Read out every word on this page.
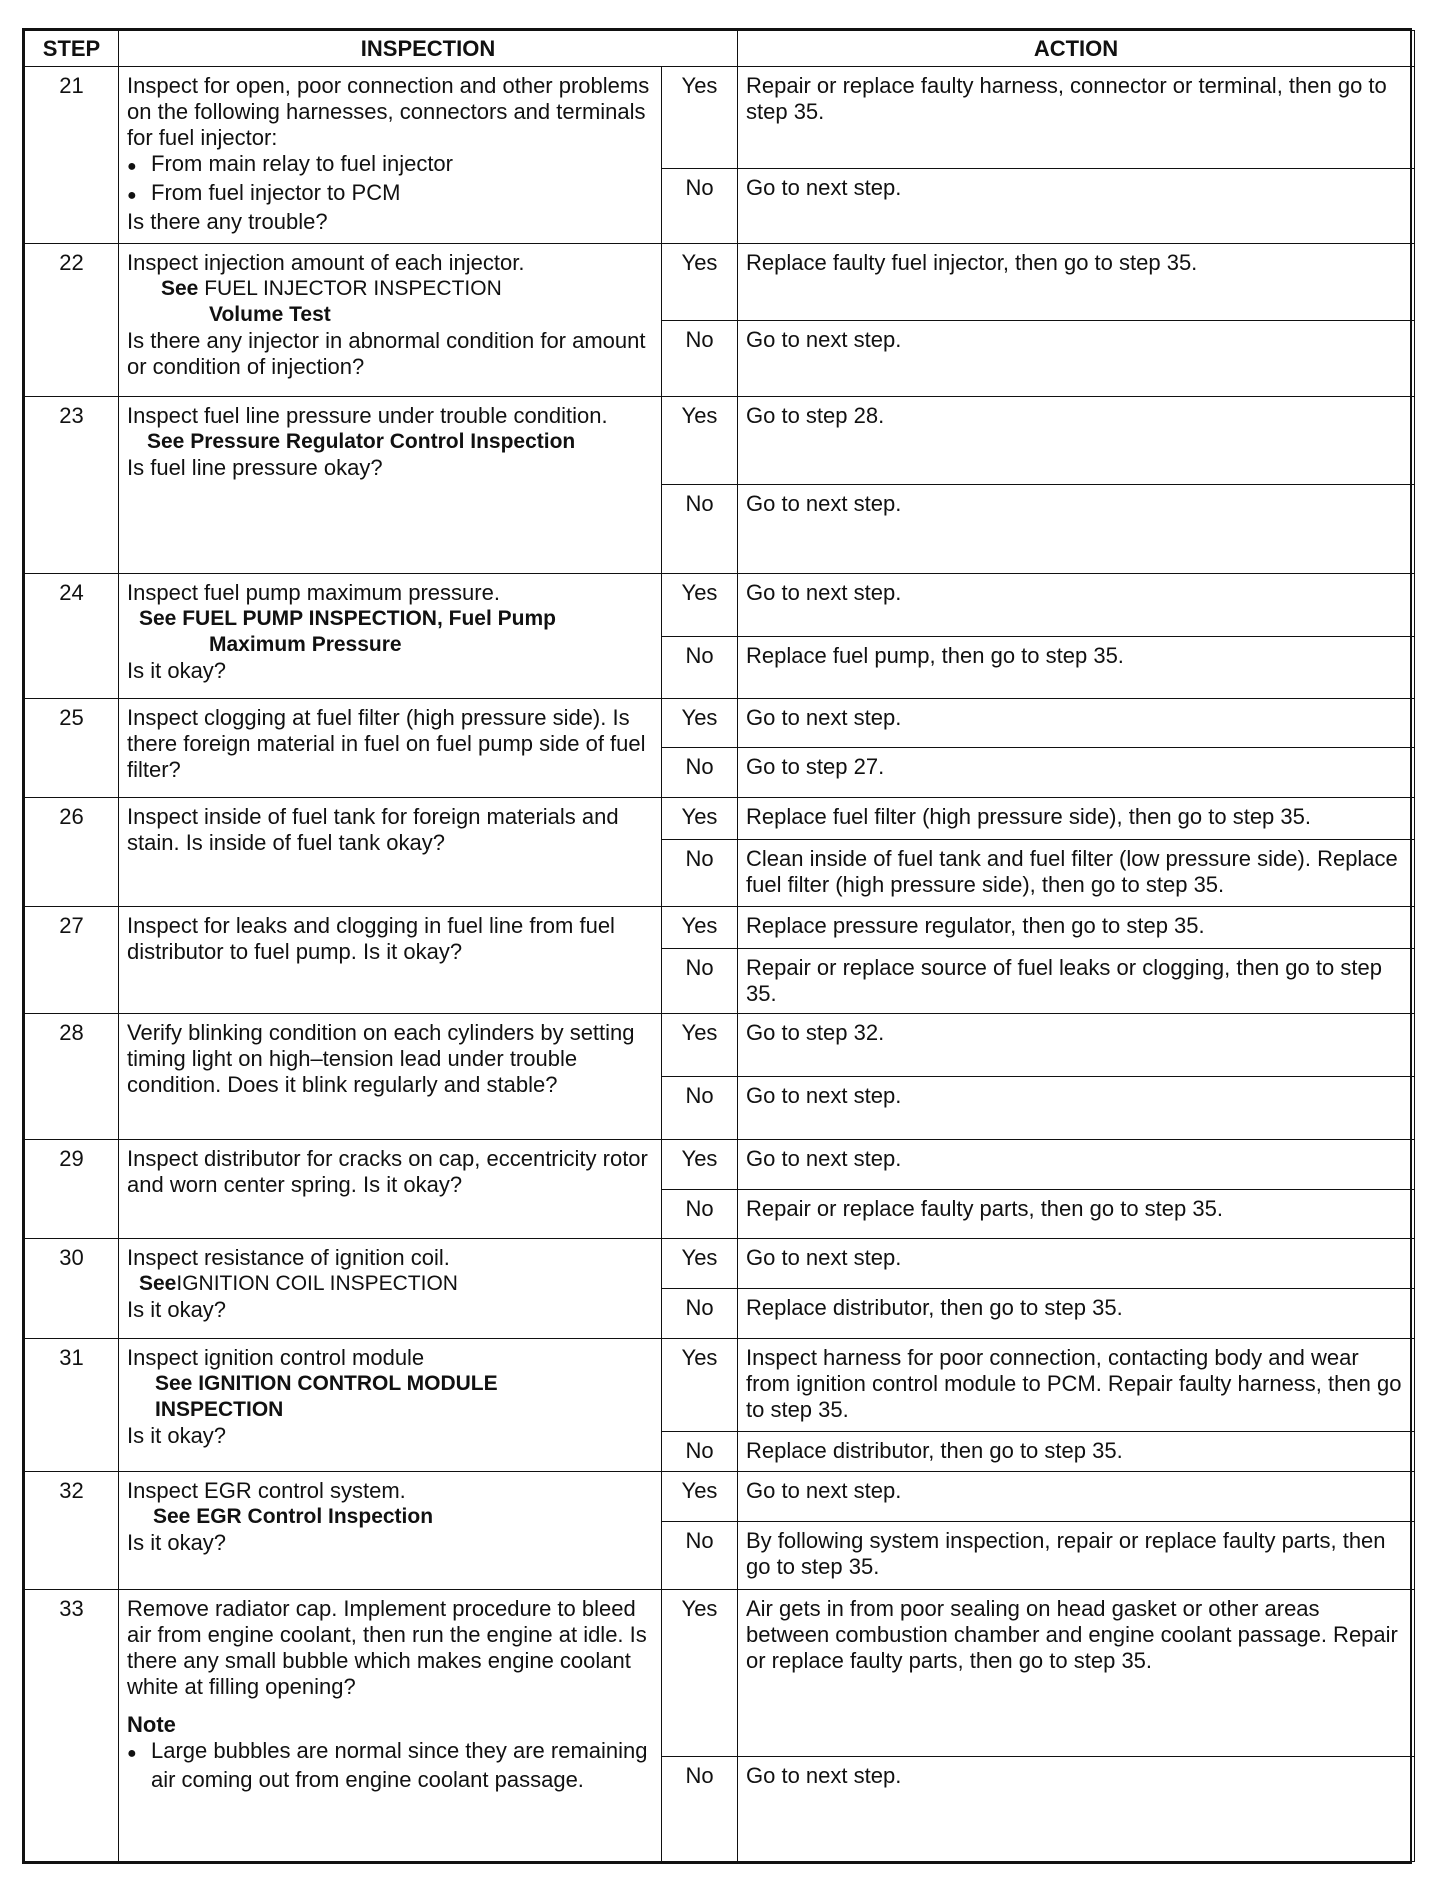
STEP	INSPECTION		ACTION
21	Inspect for open, poor connection and other problems on the following harnesses, connectors and terminals for fuel injector:
● From main relay to fuel injector
● From fuel injector to PCM
Is there any trouble?	Yes	Repair or replace faulty harness, connector or terminal, then go to step 35.
		No	Go to next step.
22	Inspect injection amount of each injector.
See FUEL INJECTOR INSPECTION
Volume Test
Is there any injector in abnormal condition for amount or condition of injection?	Yes	Replace faulty fuel injector, then go to step 35.
		No	Go to next step.
23	Inspect fuel line pressure under trouble condition.
See Pressure Regulator Control Inspection
Is fuel line pressure okay?	Yes	Go to step 28.
		No	Go to next step.
24	Inspect fuel pump maximum pressure.
See FUEL PUMP INSPECTION, Fuel Pump
Maximum Pressure
Is it okay?	Yes	Go to next step.
		No	Replace fuel pump, then go to step 35.
25	Inspect clogging at fuel filter (high pressure side). Is there foreign material in fuel on fuel pump side of fuel filter?	Yes	Go to next step.
		No	Go to step 27.
26	Inspect inside of fuel tank for foreign materials and stain. Is inside of fuel tank okay?	Yes	Replace fuel filter (high pressure side), then go to step 35.
		No	Clean inside of fuel tank and fuel filter (low pressure side). Replace fuel filter (high pressure side), then go to step 35.
27	Inspect for leaks and clogging in fuel line from fuel distributor to fuel pump. Is it okay?	Yes	Replace pressure regulator, then go to step 35.
		No	Repair or replace source of fuel leaks or clogging, then go to step 35.
28	Verify blinking condition on each cylinders by setting timing light on high–tension lead under trouble condition. Does it blink regularly and stable?	Yes	Go to step 32.
		No	Go to next step.
29	Inspect distributor for cracks on cap, eccentricity rotor and worn center spring. Is it okay?	Yes	Go to next step.
		No	Repair or replace faulty parts, then go to step 35.
30	Inspect resistance of ignition coil.
SeeIGNITION COIL INSPECTION
Is it okay?	Yes	Go to next step.
		No	Replace distributor, then go to step 35.
31	Inspect ignition control module
See IGNITION CONTROL MODULE INSPECTION
Is it okay?	Yes	Inspect harness for poor connection, contacting body and wear from ignition control module to PCM. Repair faulty harness, then go to step 35.
		No	Replace distributor, then go to step 35.
32	Inspect EGR control system.
See EGR Control Inspection
Is it okay?	Yes	Go to next step.
		No	By following system inspection, repair or replace faulty parts, then go to step 35.
33	Remove radiator cap. Implement procedure to bleed air from engine coolant, then run the engine at idle. Is there any small bubble which makes engine coolant white at filling opening?
Note
● Large bubbles are normal since they are remaining air coming out from engine coolant passage.	Yes	Air gets in from poor sealing on head gasket or other areas between combustion chamber and engine coolant passage. Repair or replace faulty parts, then go to step 35.
		No	Go to next step.
